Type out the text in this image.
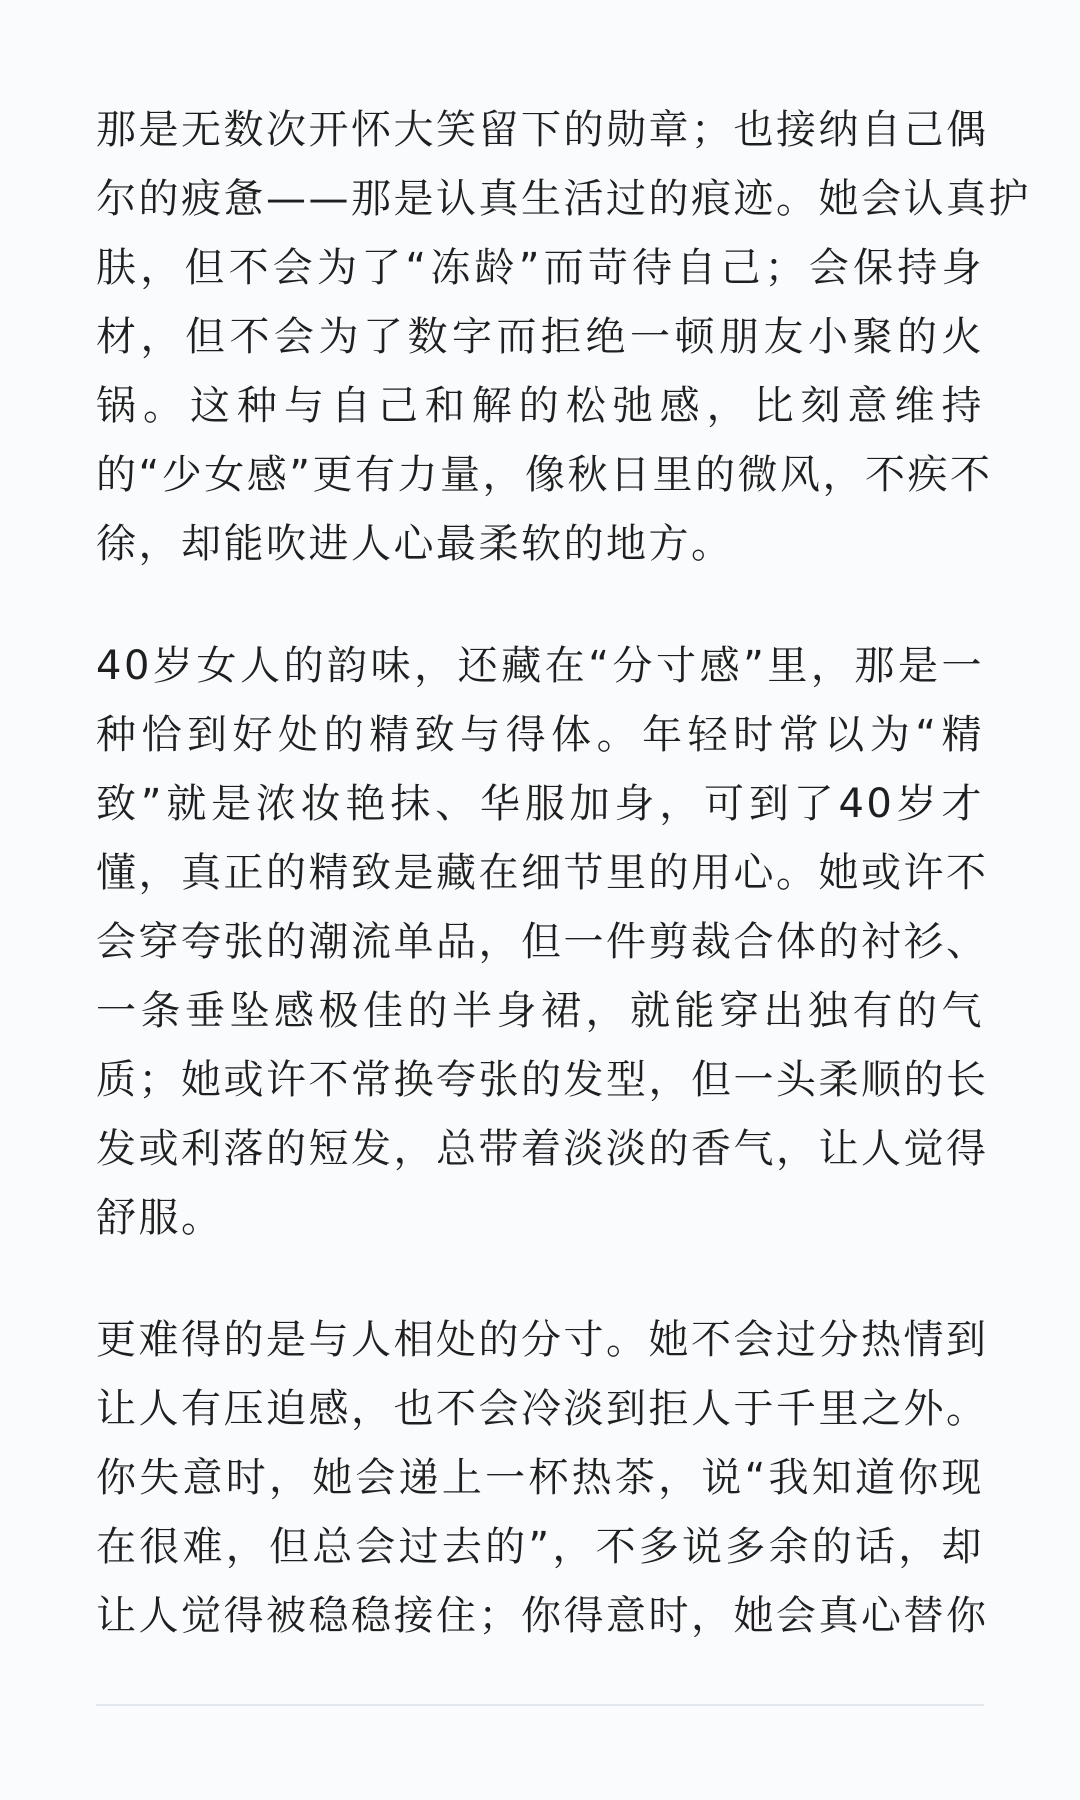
那是无数次开怀大笑留下的勋章；也接纳自己偶
尔的疲惫——那是认真生活过的痕迹。她会认真护
肤，但不会为了“冻龄”而苛待自己；会保持身
材，但不会为了数字而拒绝一顿朋友小聚的火
锅。这种与自己和解的松弛感，比刻意维持
的“少女感”更有力量，像秋日里的微风，不疾不
徐，却能吹进人心最柔软的地方。
40岁女人的韵味，还藏在“分寸感”里，那是一
种恰到好处的精致与得体。年轻时常以为“精
致”就是浓妆艳抹、华服加身，可到了40岁才
懂，真正的精致是藏在细节里的用心。她或许不
会穿夸张的潮流单品，但一件剪裁合体的衬衫、
一条垂坠感极佳的半身裙，就能穿出独有的气
质；她或许不常换夸张的发型，但一头柔顺的长
发或利落的短发，总带着淡淡的香气，让人觉得
舒服。
更难得的是与人相处的分寸。她不会过分热情到
让人有压迫感，也不会冷淡到拒人于千里之外。
你失意时，她会递上一杯热茶，说“我知道你现
在很难，但总会过去的”，不多说多余的话，却
让人觉得被稳稳接住；你得意时，她会真心替你
